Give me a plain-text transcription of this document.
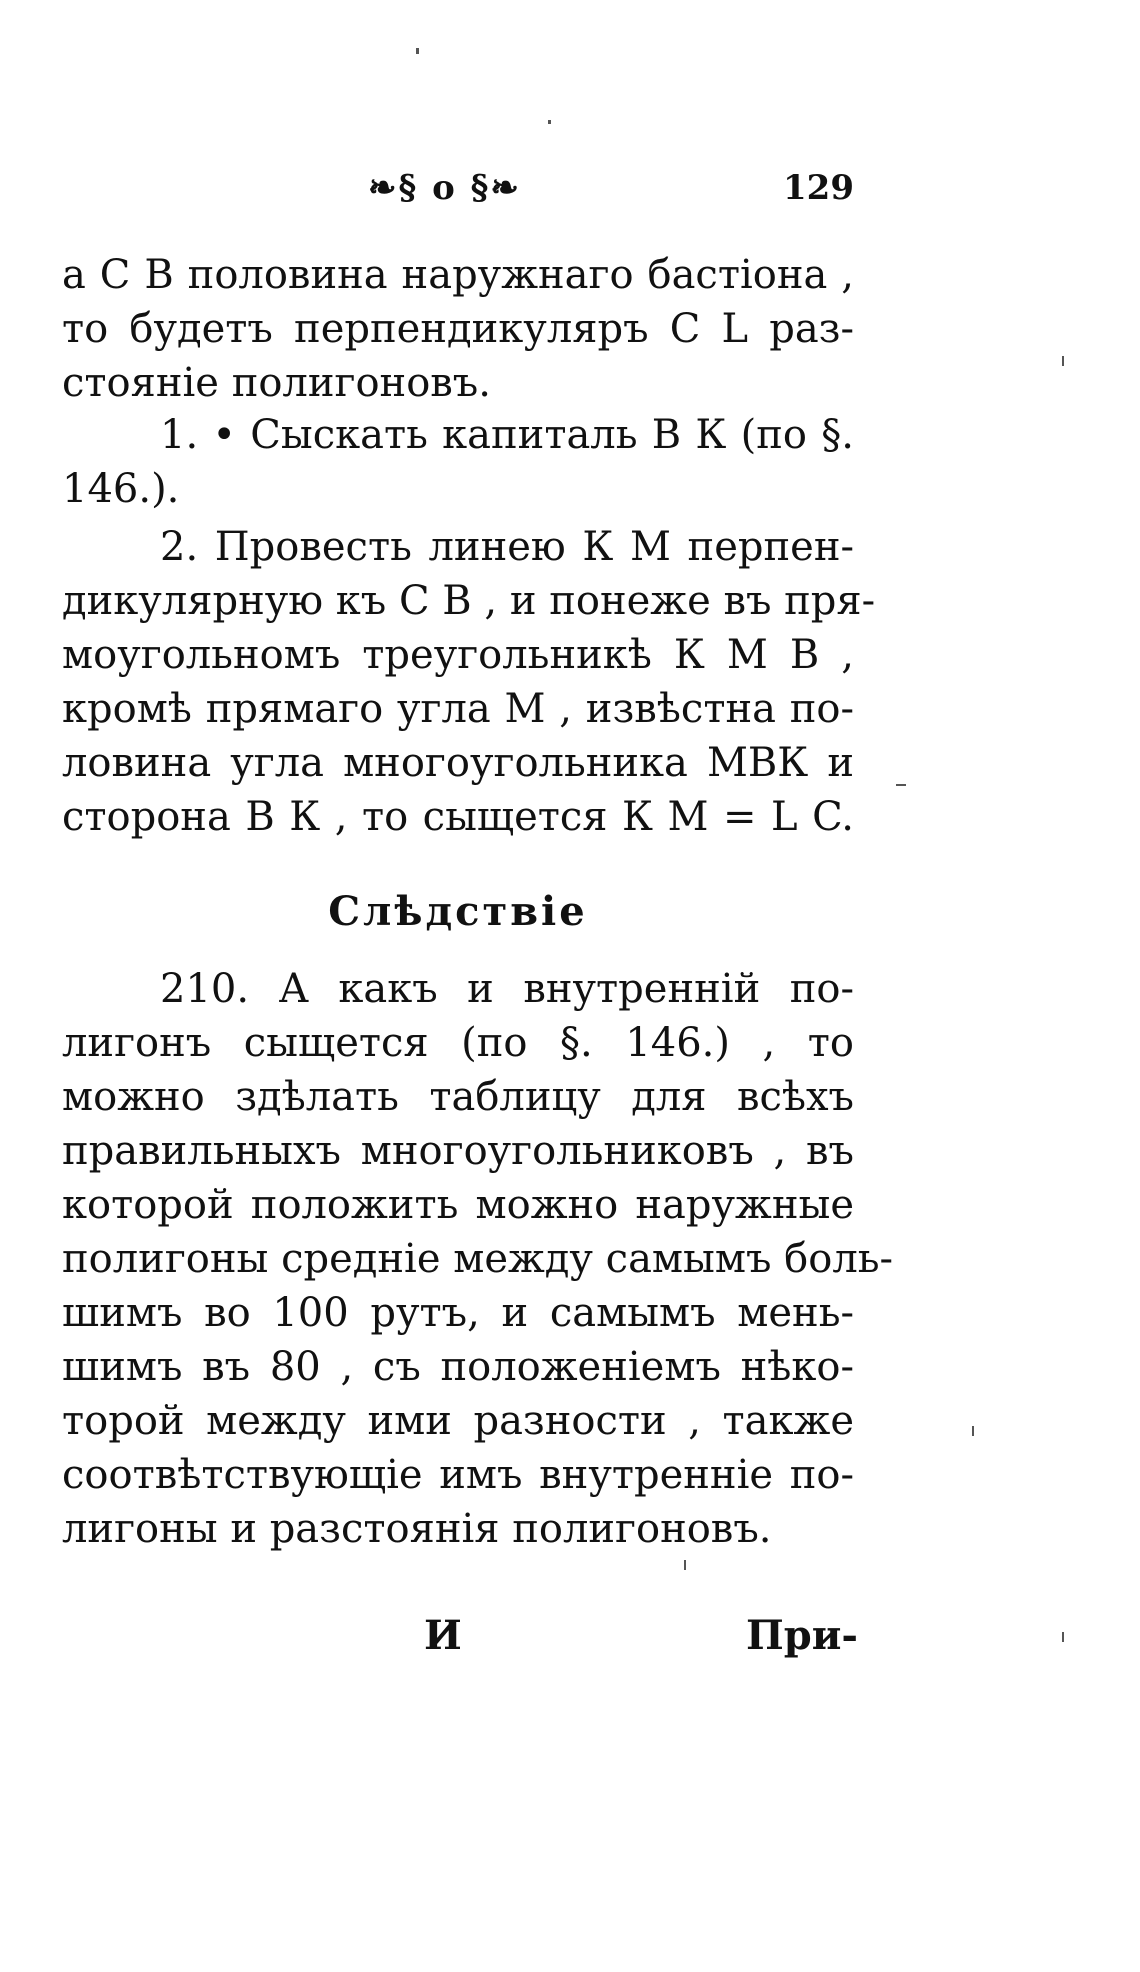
❧§ o §❧	129
а С В половина наружнаго бастіона ,
то будетъ перпендикуляръ С L раз-
стояніе полигоновъ.
1. • Сыскать капиталь В К (по §.
146.).
2. Провесть линею К М перпен-
дикулярную къ С В , и понеже въ пря-
моугольномъ треугольникѣ К М В ,
кромѣ прямаго угла М , извѣстна по-
ловина угла многоугольника МВК и
сторона В К , то сыщется К М = L C.
Слѣдствіе
210. А какъ и внутренній по-
лигонъ сыщется (по §. 146.) , то
можно здѣлать таблицу для всѣхъ
правильныхъ многоугольниковъ , въ
которой положить можно наружные
полигоны средніе между самымъ боль-
шимъ во 100 рутъ, и самымъ мень-
шимъ въ 80 , съ положеніемъ нѣко-
торой между ими разности , также
соотвѣтствующіе имъ внутренніе по-
лигоны и разстоянія полигоновъ.
И	При-
